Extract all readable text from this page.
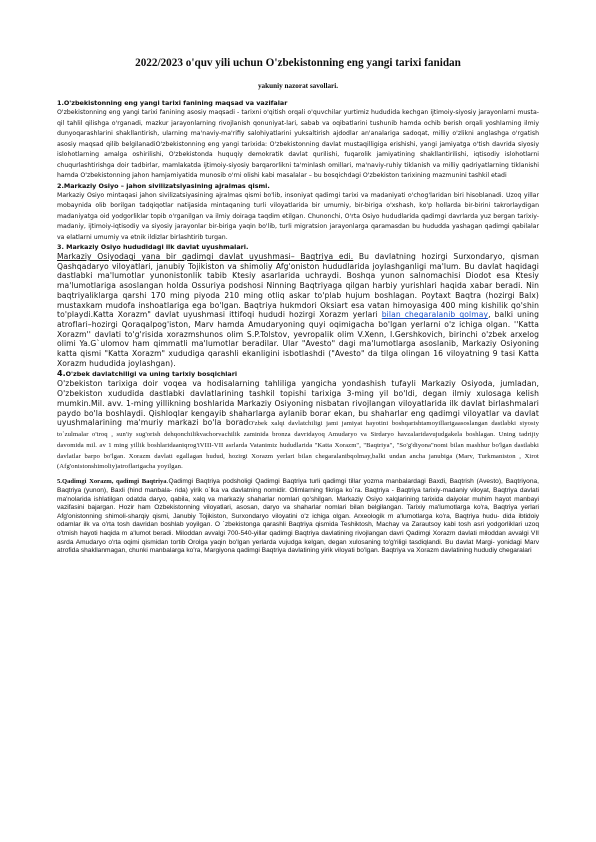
2022/2023 o'quv yili uchun O'zbekistonning eng yangi tarixi fanidan
yakuniy nazorat savollari.
1.O'zbekistonning eng yangi tarixi fanining maqsad va vazifalar

O'zbekistonning eng yangi tarixi fanining asosiy maqsadi - tarixni o'qitish orqali o'quvchilar yurtimiz hududida kechgan ijtimoiy-siyosiy jarayonlarni musta-qil tahlil qilishga o'rganadi, mazkur jarayonlarning rivojlanish qonuniyat-lari, sabab va oqibatlarini tushunib hamda ochib berish orqali yoshlarning ilmiy dunyoqarashlarini shakllantirish, ularning ma'naviy-ma'rifiy salohiyatlarini yuksaltirish ajdodlar an'analariga sadoqat, milliy o'zlikni anglashga o'rgatish asosiy maqsad qilib belgilanadiO'zbekistonning eng yangi tarixida: O'zbekistonning davlat mustaqilligiga erishishi, yangi jamiyatga o'tish davrida siyosiy islohotlarning amalga oshirilishi, O'zbekistonda huquqiy demokratik davlat qurilishi, fuqarolik jamiyatining shakllantirilishi, iqtisodiy islohotlarni chuqurlashtirishga doir tadbirlar, mamlakatda ijtimoiy-siyosiy barqarorlikni ta'minlash omillari, ma'naviy-ruhiy tiklanish va milliy qadriyatlarning tiklanishi hamda O'zbekistonning jahon hamjamiyatida munosib o'rni olishi kabi masalalar – bu bosqichdagi O'zbekiston tarixining mazmunini tashkil etadi

2.Markaziy Osiyo – jahon sivilizatsiyasining ajralmas qismi.

Markaziy Osiyo mintaqasi jahon sivilizatsiyasining ajralmas qismi bo'lib, insoniyat qadimgi tarixi va madaniyati o'chog'laridan biri hisoblanadi. Uzoq yillar mobaynida olib borilgan tadqiqotlar natijasida mintaqaning turli viloyatlarida bir umumiy, bir-biriga o'xshash, ko'p hollarda bir-birini takrorlaydigan madaniyatga oid yodgorliklar topib o'rganilgan va ilmiy doiraga taqdim etilgan. Chunonchi, O'rta Osiyo hududlarida qadimgi davrlarda yuz bergan tarixiy-madaniy, ijtimoiy-iqtisodiy va siyosiy jarayonlar bir-biriga yaqin bo'lib, turli migratsion jarayonlarga qaramasdan bu hududda yashagan qadimgi qabilalar va elatlarni umumiy va etnik ildizlar birlashtirib turgan.

3. Markaziy Osiyo hududidagi ilk davlat uyushmalari.

Markaziy Osiyodagi yana bir qadimgi davlat uyushmasi– Baqtriya edi. Bu davlatning hozirgi Surxondaryo, qisman Qashqadaryo viloyatlari, janubiy Tojikiston va shimoliy Afg'oniston hududlarida joylashganligi ma'lum. Bu davlat haqidagi dastlabki ma'lumotlar yunonistonlik tabib Ktesiy asarlarida uchraydi. Boshqa yunon salnomachisi Diodot esa Ktesiy ma'lumotlariga asoslangan holda Ossuriya podshosi Ninning Baqtriyaga qilgan harbiy yurishlari haqida xabar beradi. Nin baqtriyaliklarga qarshi 170 ming piyoda 210 ming otliq askar to'plab hujum boshlagan. Poytaxt Baqtra (hozirgi Balx) mustaxkam mudofa inshoatlariga ega bo'lgan. Baqtriya hukmdori Oksiart esa vatan himoyasiga 400 ming kishilik qo'shin to'playdi.Katta Xorazm" davlat uyushmasi ittifoqi hududi hozirgi Xorazm yerlari bilan chegaralanib qolmay, balki uning atroflari–hozirgi Qoraqalpog'iston, Marv hamda Amudaryoning quyi oqimigacha bo'lgan yerlarni o'z ichiga olgan. ''Katta Xorazm'' davlati to'g'risida xorazmshunos olim S.P.Tolstov, yevropalik olim V.Xenn, I.Gershkovich, birinchi o'zbek arxelog olimi Ya.G`ulomov ham qimmatli ma'lumotlar beradilar. Ular "Avesto" dagi ma'lumotlarga asoslanib, Markaziy Osiyoning katta qismi "Katta Xorazm" xududiga qarashli ekanligini isbotlashdi ("Avesto" da tilga olingan 16 viloyatning 9 tasi Katta Xorazm hududida joylashgan).

4.O'zbek davlatchiligi va uning tarixiy bosqichlari

O'zbekiston tarixiga doir voqea va hodisalarning tahliliga yangicha yondashish tufayli Markaziy Osiyoda, jumladan, O'zbekiston xududida dastlabki davlatlarining tashkil topishi tarixiga 3-ming yil bo'ldi, degan ilmiy xulosaga kelish mumkin.Mil. avv. 1-ming yillikning boshlarida Markaziy Osiyoning nisbatan rivojlangan viloyatlarida ilk davlat birlashmalari paydo bo'la boshlaydi. Qishloqlar kengayib shaharlarga aylanib borar ekan, bu shaharlar eng qadimgi viloyatlar va davlat uyushmalarining ma'muriy markazi bo'la boradO'zbek xalqi davlatchiligi jami jamiyat hayotini boshqarishtamoyillarigaasoslangan dastlabki siyosiy to`zulmalar o'troq , sun'iy sug'orish dehqonchilikvachorvachilik zaminida bronza davridayoq Amudaryo va Sirdaryo havzalaridavujudgakela boshlagan. Uning tadrijiy davomida mil. av 1 ming yillik boshlaridaaniqrog'iVIII-VII asrlarda Vatanimiz hududlarida "Katta Xorazm", "Baqtriya", "So'g'diyona"nomi bilan mashhur bo'lgan dastlabki davlatlar barpo bo'lgan. Xorazm davlati egallagan hudud, hozirgi Xorazm yerlari bilan chegaralanibqolmay,balki undan ancha janubiga (Marv, Turkmaniston , Xirot (Afg'onistonshimoliy)atroflarigacha yoyilgan.

5.Qadimgi Xorazm, qadimgi Baqtriya.Qadimgi Baqtriya podsholigi Qadimgi Baqtriya turli qadimgi tillar yozma manbalardagi Baxdi, Baqtrish (Avesto), Baqtriyona, Baqtriya (yunon), Baxli (hind manbala- rida) yirik o`lka va davlatning nomidir. Olimlarning fikriga ko`ra. Baqtriya - Baqtriya tarixiy-madaniy viloyat, Baqtriya davlati ma'nolarida ishlatilgan odatda daryo, qabila, xalq va markaziy shaharlar nomlari qo'shilgan. Markaziy Osiyo xalqlarining tarixida daiyolar muhim hayot manbayi vazifasini bajargan. Hozir ham Ozbekistonning viloyatlari, asosan, daryo va shaharlar nomlari bilan belgilangan. Tarixiy ma'lumotlarga ko'ra, Baqtriya yerlari Afg'onistonning shimoli-sharqiy qismi, Janubiy Tojikiston, Surxondaryo viloyatini o'z ichiga olgan. Arxeologik m a'lumotlarga ko'ra, Baqtriya hudu- dida ibtidoiy odamlar ilk va o'rta tosh davridan boshlab yoyilgan. O `zbekistonga qarashli Baqtriya qismida Teshiktosh, Machay va Zarautsoy kabi tosh asri yodgorliklari uzoq o'tmish hayoti haqida m a'lumot beradi. Miloddan avvalgi 700-540-yillar qadimgi Baqtriya davlatining rivojlangan davri Qadimgi Xorazm davlati miloddan avvalgi VII asrda Amudaryo o'rta oqimi qismidan tortib Orolga yaqin bo'lgan yerlarda vujudga kelgan, degan xulosaning to'g'riligi tasdiqlandi. Bu davlat Margi- yonidagi Marv atrofida shakllanmagan, chunki manbalarga ko'ra, Margiyona qadimgi Baqtriya davlatining yirik viloyati bo'lgan. Baqtriya va Xorazm davlatining hududiy chegaralari
